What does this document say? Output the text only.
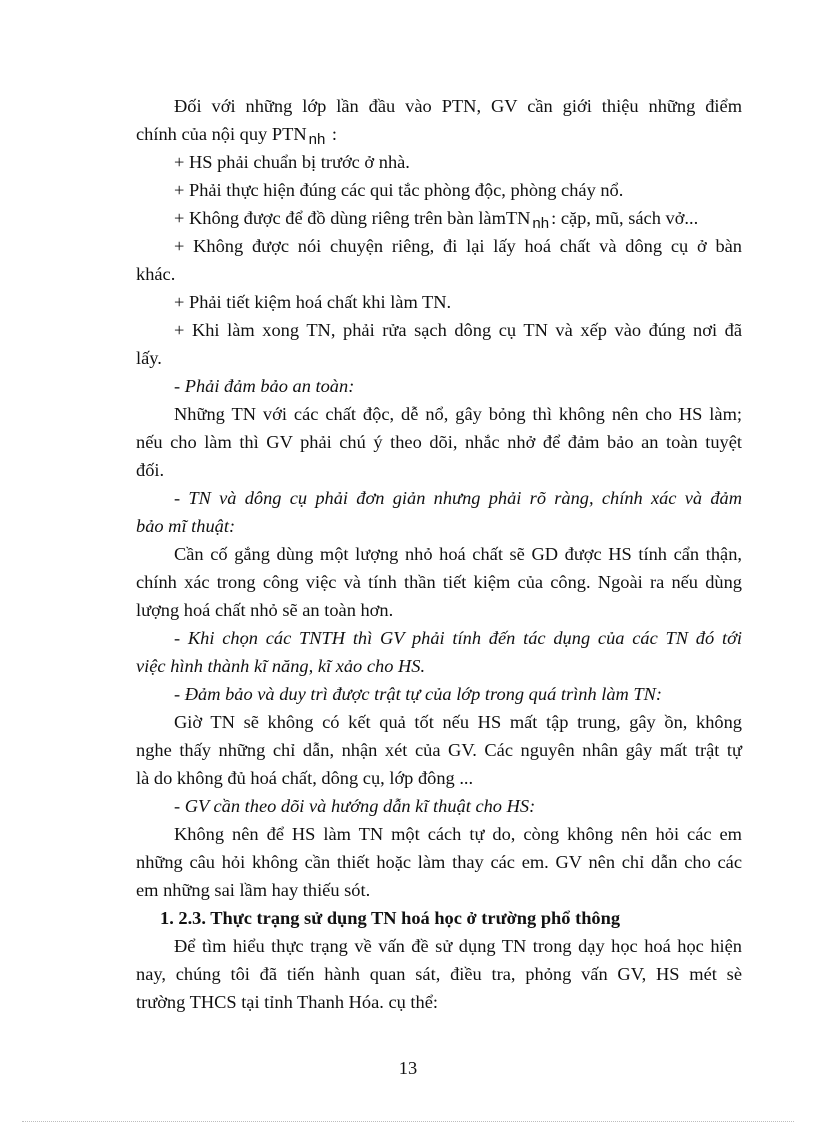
Đối với những lớp lần đầu vào PTN, GV cần giới thiệu những điểm
chính của nội quy PTN nh :
+ HS phải chuẩn bị trước ở nhà.
+ Phải thực hiện đúng các qui tắc phòng độc, phòng cháy nổ.
+ Không được để đồ dùng riêng trên bàn làmTN nh : cặp, mũ, sách vở...
+ Không được nói chuyện riêng, đi lại lấy hoá chất và dông cụ ở bàn
khác.
+ Phải tiết kiệm hoá chất khi làm TN.
+ Khi làm xong TN, phải rửa sạch dông cụ TN và xếp vào đúng nơi đã
lấy.
- Phải đảm bảo an toàn:
Những TN với các chất độc, dễ nổ, gây bỏng thì không nên cho HS làm;
nếu cho làm thì GV phải chú ý theo dõi, nhắc nhở để đảm bảo an toàn tuyệt
đối.
- TN và dông cụ phải đơn giản nhưng phải rõ ràng, chính xác và đảm
bảo mĩ thuật:
Cần cố gắng dùng một lượng nhỏ hoá chất sẽ GD được HS tính cẩn thận,
chính xác trong công việc và tính thần tiết kiệm của công. Ngoài ra nếu dùng
lượng hoá chất nhỏ sẽ an toàn hơn.
- Khi chọn các TNTH thì GV phải tính đến tác dụng của các TN đó tới
việc hình thành kĩ năng, kĩ xảo cho HS.
- Đảm bảo và duy trì được trật tự của lớp trong quá trình làm TN:
Giờ TN sẽ không có kết quả tốt nếu HS mất tập trung, gây ồn, không
nghe thấy những chỉ dẫn, nhận xét của GV. Các nguyên nhân gây mất trật tự
là do không đủ hoá chất, dông cụ, lớp đông ...
- GV cần theo dõi và hướng dẫn kĩ thuật cho HS:
Không nên để HS làm TN một cách tự do, còng không nên hỏi các em
những câu hỏi không cần thiết hoặc làm thay các em. GV nên chỉ dẫn cho các
em những sai lầm hay thiếu sót.
1. 2.3. Thực trạng sử dụng TN hoá học ở trường phổ thông
Để tìm hiểu thực trạng về vấn đề sử dụng TN trong dạy học hoá học hiện
nay, chúng tôi đã tiến hành quan sát, điều tra, phỏng vấn GV, HS mét sè
trường THCS tại tỉnh Thanh Hóa. cụ thể:
13
